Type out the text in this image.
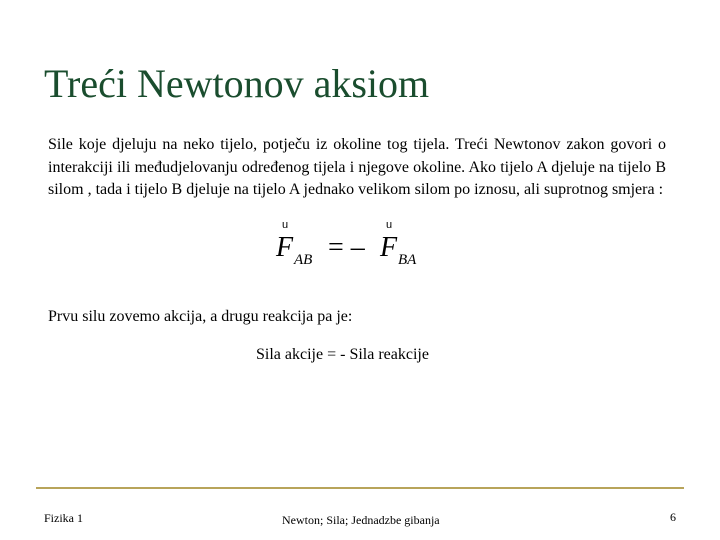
Treći Newtonov aksiom
Sile koje djeluju na neko tijelo, potječu iz okoline tog tijela. Treći Newtonov zakon govori o interakciji ili međudjelovanju određenog tijela i njegove okoline. Ako tijelo A djeluje na tijelo B silom , tada i tijelo B djeluje na tijelo A jednako velikom silom po iznosu, ali suprotnog smjera :
u	u
F AB = – F BA
Prvu silu zovemo akcija, a drugu reakcija pa je:
Sila akcije = - Sila reakcije
Fizika 1	Newton; Sila; Jednadzbe gibanja	6
